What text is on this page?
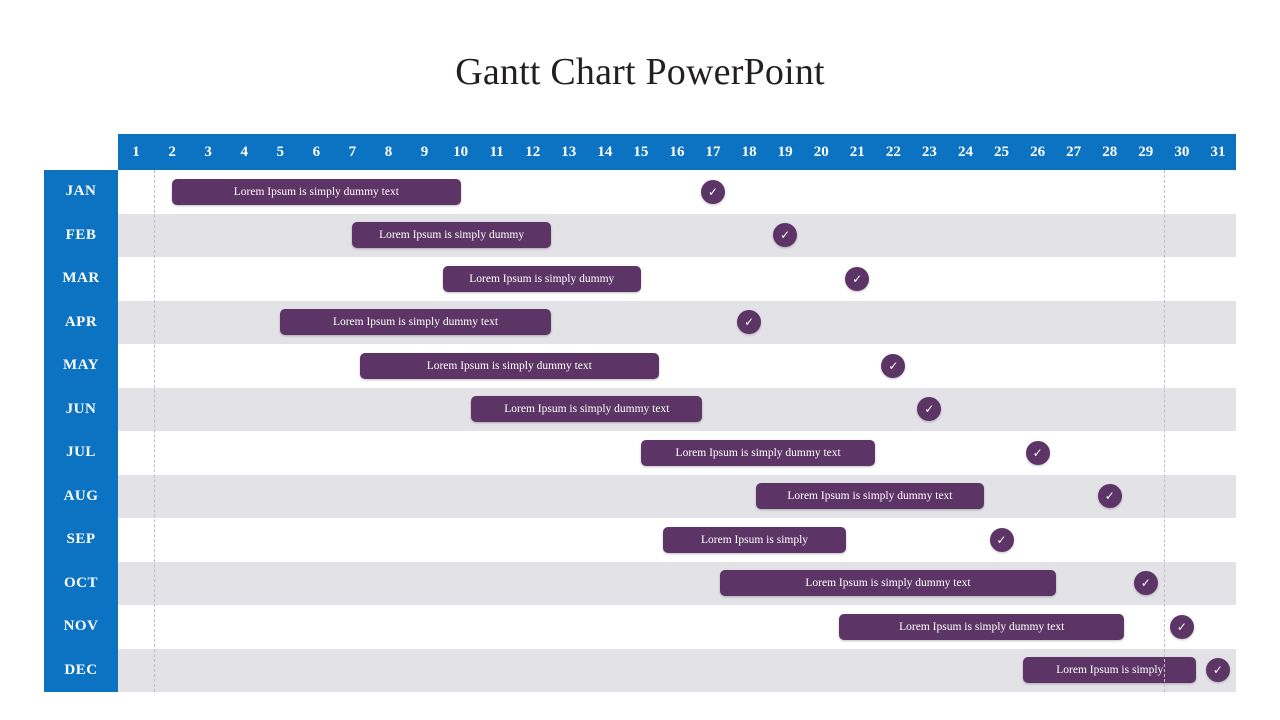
Gantt Chart PowerPoint
1	2	3	4	5	6	7	8	9	10	11	12	13	14	15	16	17	18	19	20	21	22	23	24	25	26	27	28	29	30	31
JAN	Lorem Ipsum is simply dummy text	✓
FEB	Lorem Ipsum is simply dummy	✓
MAR	Lorem Ipsum is simply dummy	✓
APR	Lorem Ipsum is simply dummy text	✓
MAY	Lorem Ipsum is simply dummy text	✓
JUN	Lorem Ipsum is simply dummy text	✓
JUL	Lorem Ipsum is simply dummy text	✓
AUG	Lorem Ipsum is simply dummy text	✓
SEP	Lorem Ipsum is simply	✓
OCT	Lorem Ipsum is simply dummy text	✓
NOV	Lorem Ipsum is simply dummy text	✓
DEC	Lorem Ipsum is simply	✓
